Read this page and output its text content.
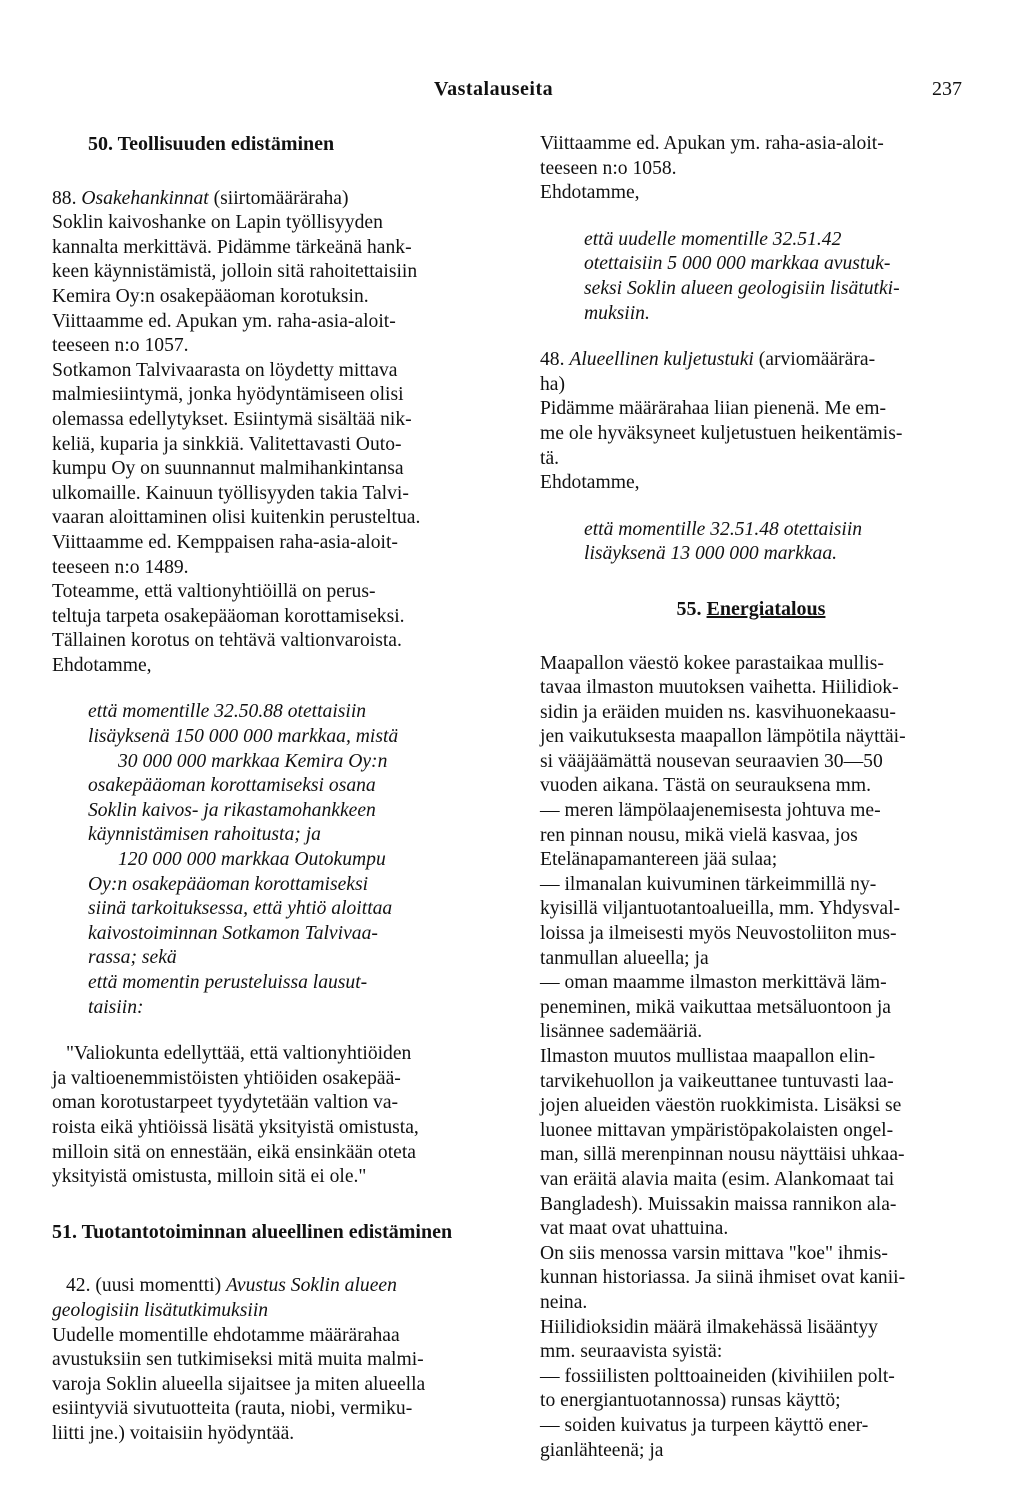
Vastalauseita	237
50. Teollisuuden edistäminen

88. Osakehankinnat (siirtomääräraha)

Soklin kaivoshanke on Lapin työllisyyden

kannalta merkittävä. Pidämme tärkeänä hank-

keen käynnistämistä, jolloin sitä rahoitettaisiin

Kemira Oy:n osakepääoman korotuksin.

Viittaamme ed. Apukan ym. raha-asia-aloit-

teeseen n:o 1057.

Sotkamon Talvivaarasta on löydetty mittava

malmiesiintymä, jonka hyödyntämiseen olisi

olemassa edellytykset. Esiintymä sisältää nik-

keliä, kuparia ja sinkkiä. Valitettavasti Outo-

kumpu Oy on suunnannut malmihankintansa

ulkomaille. Kainuun työllisyyden takia Talvi-

vaaran aloittaminen olisi kuitenkin perusteltua.

Viittaamme ed. Kemppaisen raha-asia-aloit-

teeseen n:o 1489.

Toteamme, että valtionyhtiöillä on perus-

teltuja tarpeta osakepääoman korottamiseksi.

Tällainen korotus on tehtävä valtionvaroista.

Ehdotamme,

että momentille 32.50.88 otettaisiin

lisäyksenä 150 000 000 markkaa, mistä

30 000 000 markkaa Kemira Oy:n

osakepääoman korottamiseksi osana

Soklin kaivos- ja rikastamohankkeen

käynnistämisen rahoitusta; ja

120 000 000 markkaa Outokumpu

Oy:n osakepääoman korottamiseksi

siinä tarkoituksessa, että yhtiö aloittaa

kaivostoiminnan Sotkamon Talvivaa-

rassa; sekä

että momentin perusteluissa lausut-

taisiin:

"Valiokunta edellyttää, että valtionyhtiöiden

ja valtioenemmistöisten yhtiöiden osakepää-

oman korotustarpeet tyydytetään valtion va-

roista eikä yhtiöissä lisätä yksityistä omistusta,

milloin sitä on ennestään, eikä ensinkään oteta

yksityistä omistusta, milloin sitä ei ole."

51. Tuotantotoiminnan alueellinen edistäminen

42. (uusi momentti) Avustus Soklin alueen

geologisiin lisätutkimuksiin

Uudelle momentille ehdotamme määrärahaa

avustuksiin sen tutkimiseksi mitä muita malmi-

varoja Soklin alueella sijaitsee ja miten alueella

esiintyviä sivutuotteita (rauta, niobi, vermiku-

liitti jne.) voitaisiin hyödyntää.

Viittaamme ed. Apukan ym. raha-asia-aloit-

teeseen n:o 1058.

Ehdotamme,

että uudelle momentille 32.51.42

otettaisiin 5 000 000 markkaa avustuk-

seksi Soklin alueen geologisiin lisätutki-

muksiin.

48. Alueellinen kuljetustuki (arviomäärära-

ha)

Pidämme määrärahaa liian pienenä. Me em-

me ole hyväksyneet kuljetustuen heikentämis-

tä.

Ehdotamme,

että momentille 32.51.48 otettaisiin

lisäyksenä 13 000 000 markkaa.

55. Energiatalous

Maapallon väestö kokee parastaikaa mullis-

tavaa ilmaston muutoksen vaihetta. Hiilidiok-

sidin ja eräiden muiden ns. kasvihuonekaasu-

jen vaikutuksesta maapallon lämpötila näyttäi-

si vääjäämättä nousevan seuraavien 30—50

vuoden aikana. Tästä on seurauksena mm.

— meren lämpölaajenemisesta johtuva me-

ren pinnan nousu, mikä vielä kasvaa, jos

Etelänapamantereen jää sulaa;

— ilmanalan kuivuminen tärkeimmillä ny-

kyisillä viljantuotantoalueilla, mm. Yhdysval-

loissa ja ilmeisesti myös Neuvostoliiton mus-

tanmullan alueella; ja

— oman maamme ilmaston merkittävä läm-

peneminen, mikä vaikuttaa metsäluontoon ja

lisännee sademääriä.

Ilmaston muutos mullistaa maapallon elin-

tarvikehuollon ja vaikeuttanee tuntuvasti laa-

jojen alueiden väestön ruokkimista. Lisäksi se

luonee mittavan ympäristöpakolaisten ongel-

man, sillä merenpinnan nousu näyttäisi uhkaa-

van eräitä alavia maita (esim. Alankomaat tai

Bangladesh). Muissakin maissa rannikon ala-

vat maat ovat uhattuina.

On siis menossa varsin mittava "koe" ihmis-

kunnan historiassa. Ja siinä ihmiset ovat kanii-

neina.

Hiilidioksidin määrä ilmakehässä lisääntyy

mm. seuraavista syistä:

— fossiilisten polttoaineiden (kivihiilen polt-

to energiantuotannossa) runsas käyttö;

— soiden kuivatus ja turpeen käyttö ener-

gianlähteenä; ja
